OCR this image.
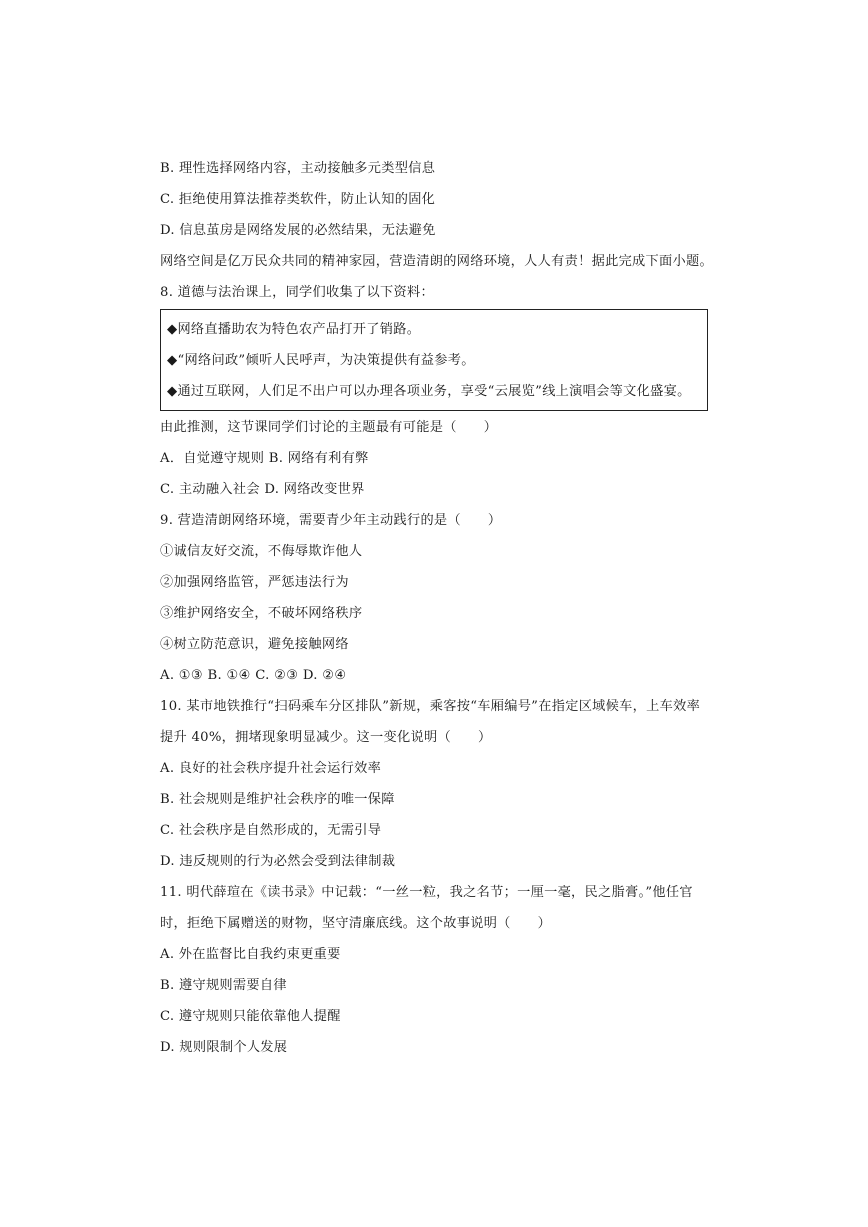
B. 理性选择网络内容，主动接触多元类型信息
C. 拒绝使用算法推荐类软件，防止认知的固化
D. 信息茧房是网络发展的必然结果，无法避免
网络空间是亿万民众共同的精神家园，营造清朗的网络环境，人人有责！据此完成下面小题。
8. 道德与法治课上，同学们收集了以下资料：
◆网络直播助农为特色农产品打开了销路。
◆“网络问政”倾听人民呼声，为决策提供有益参考。
◆通过互联网，人们足不出户可以办理各项业务，享受“云展览”线上演唱会等文化盛宴。
由此推测，这节课同学们讨论的主题最有可能是（　　）
A．自觉遵守规则 B. 网络有利有弊
C. 主动融入社会 D. 网络改变世界
9. 营造清朗网络环境，需要青少年主动践行的是（　　）
①诚信友好交流，不侮辱欺诈他人
②加强网络监管，严惩违法行为
③维护网络安全，不破坏网络秩序
④树立防范意识，避免接触网络
A. ①③ B. ①④ C. ②③ D. ②④
10. 某市地铁推行“扫码乘车分区排队”新规，乘客按“车厢编号”在指定区域候车，上车效率
提升 40%，拥堵现象明显减少。这一变化说明（　　）
A. 良好的社会秩序提升社会运行效率
B. 社会规则是维护社会秩序的唯一保障
C. 社会秩序是自然形成的，无需引导
D. 违反规则的行为必然会受到法律制裁
11. 明代薛瑄在《读书录》中记载：“一丝一粒，我之名节；一厘一毫，民之脂膏。”他任官
时，拒绝下属赠送的财物，坚守清廉底线。这个故事说明（　　）
A. 外在监督比自我约束更重要
B. 遵守规则需要自律
C. 遵守规则只能依靠他人提醒
D. 规则限制个人发展
